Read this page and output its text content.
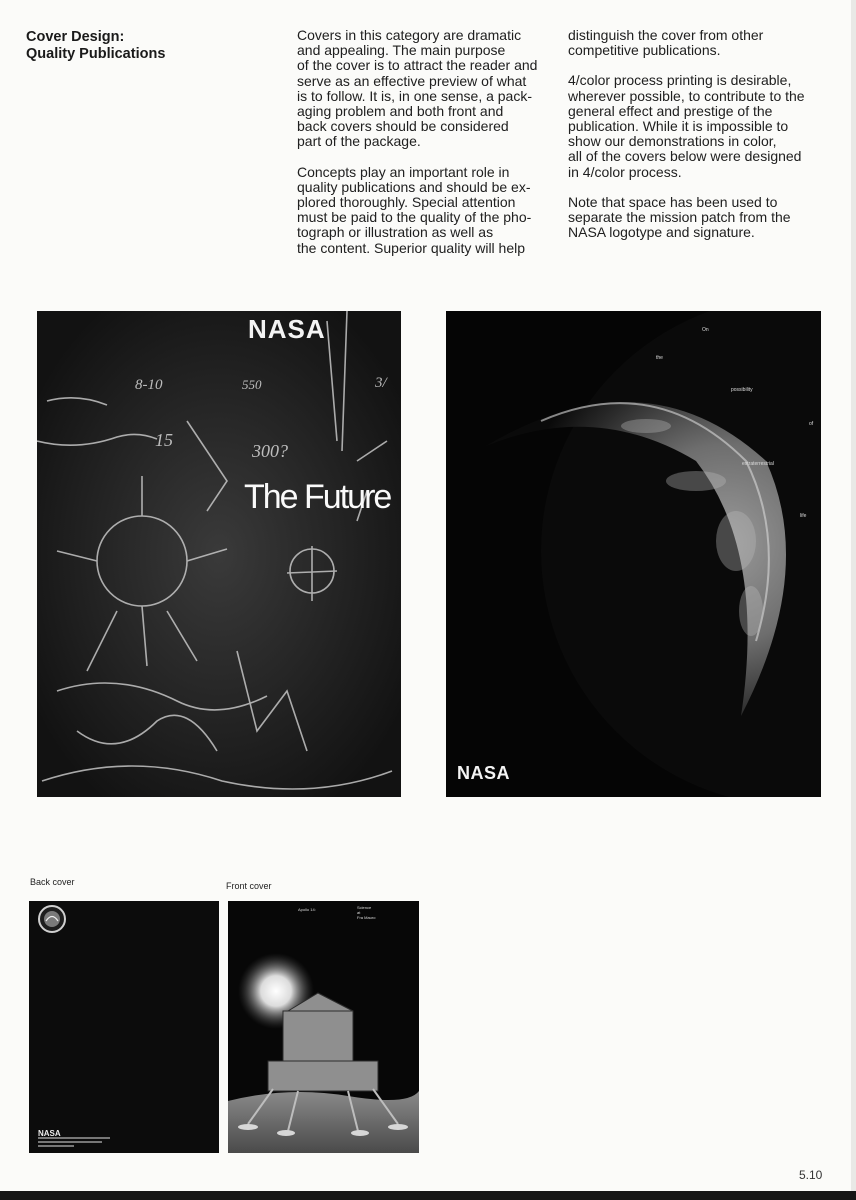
Cover Design:
Quality Publications

Covers in this category are dramatic
and appealing. The main purpose
of the cover is to attract the reader and
serve as an effective preview of what
is to follow. It is, in one sense, a pack-
aging problem and both front and
back covers should be considered
part of the package.

Concepts play an important role in
quality publications and should be ex-
plored thoroughly. Special attention
must be paid to the quality of the pho-
tograph or illustration as well as
the content. Superior quality will help

distinguish the cover from other
competitive publications.

4/color process printing is desirable,
wherever possible, to contribute to the
general effect and prestige of the
publication. While it is impossible to
show our demonstrations in color,
all of the covers below were designed
in 4/color process.

Note that space has been used to
separate the mission patch from the
NASA logotype and signature.

8-10
15
300?
550	3/
NASA
The Future
On
the
possibility
of
extraterrestrial
life
NASA
Back cover	Front cover
NASA
Apollo 14:	Science
at
Fra Mauro
5.10
